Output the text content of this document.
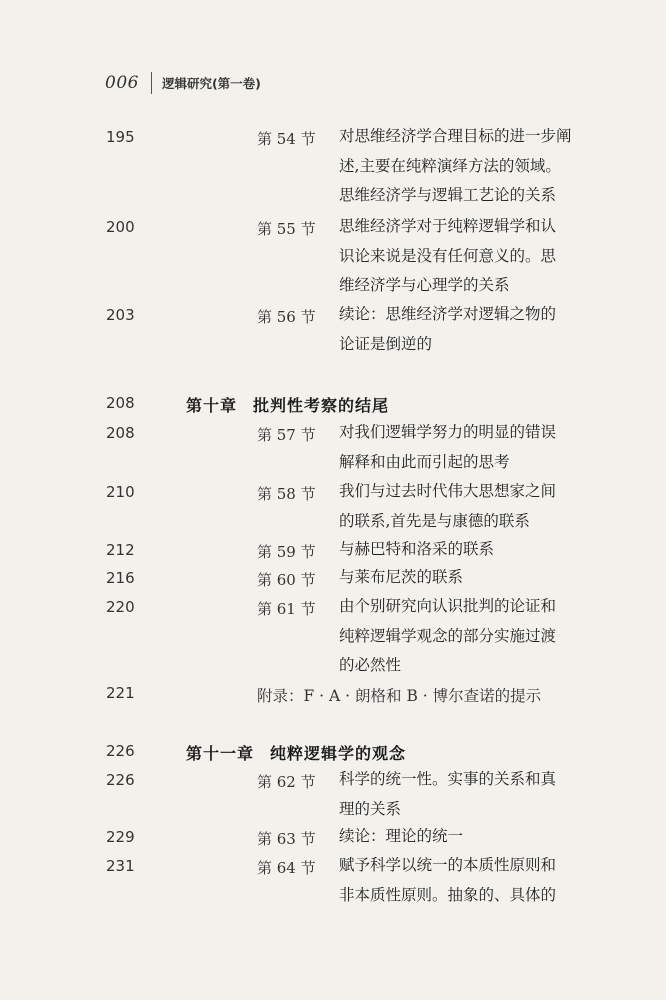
006 逻辑研究(第一卷)
195	第 54 节 对思维经济学合理目标的进一步阐
述,主要在纯粹演绎方法的领域。
思维经济学与逻辑工艺论的关系
200	第 55 节 思维经济学对于纯粹逻辑学和认
识论来说是没有任何意义的。思
维经济学与心理学的关系
203	第 56 节 续论：思维经济学对逻辑之物的
论证是倒逆的
208	第十章 批判性考察的结尾
208	第 57 节 对我们逻辑学努力的明显的错误
解释和由此而引起的思考
210	第 58 节 我们与过去时代伟大思想家之间
的联系,首先是与康德的联系
212	第 59 节 与赫巴特和洛采的联系
216	第 60 节 与莱布尼茨的联系
220	第 61 节 由个别研究向认识批判的论证和
纯粹逻辑学观念的部分实施过渡
的必然性
221	附录：F · A · 朗格和 B · 博尔查诺的提示
226	第十一章 纯粹逻辑学的观念
226	第 62 节 科学的统一性。实事的关系和真
理的关系
229	第 63 节 续论：理论的统一
231	第 64 节 赋予科学以统一的本质性原则和
非本质性原则。抽象的、具体的
